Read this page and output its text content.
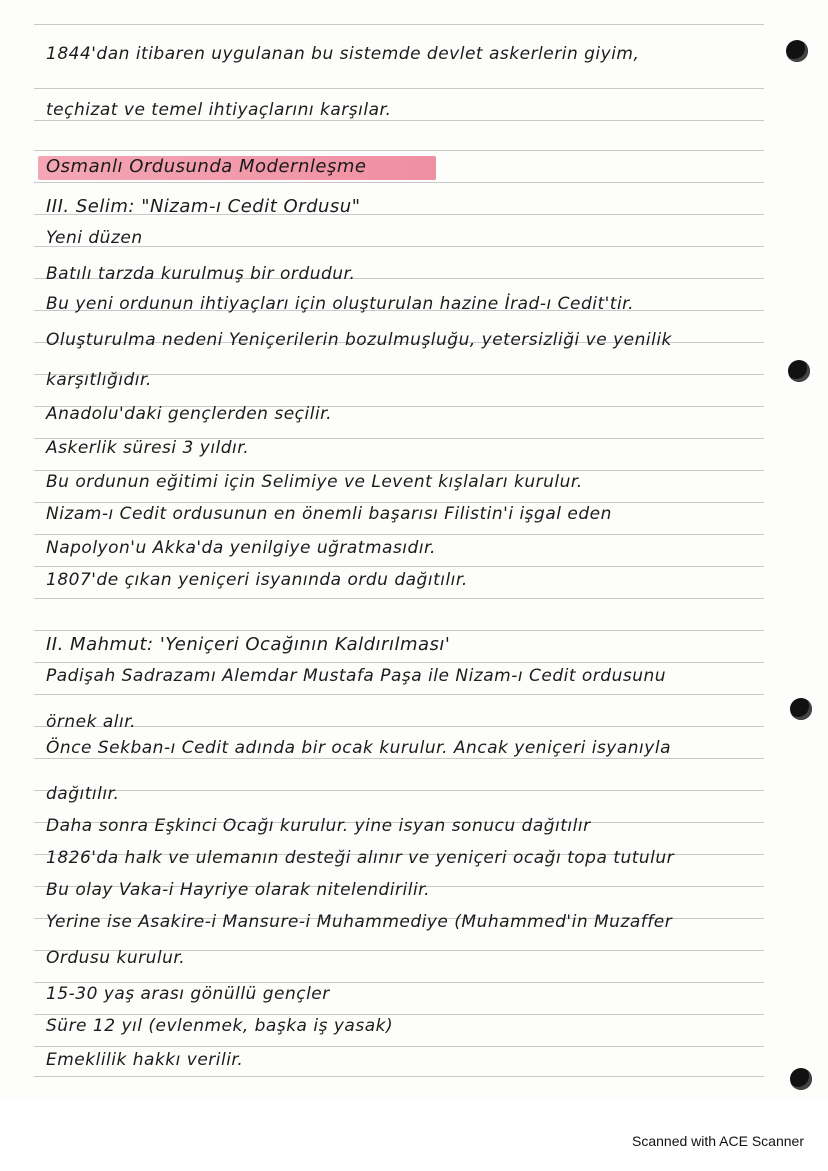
1844'dan itibaren uygulanan bu sistemde devlet askerlerin giyim,
teçhizat ve temel ihtiyaçlarını karşılar.
Osmanlı Ordusunda Modernleşme
III. Selim: "Nizam-ı Cedit Ordusu"
Yeni düzen
Batılı tarzda kurulmuş bir ordudur.
Bu yeni ordunun ihtiyaçları için oluşturulan hazine İrad-ı Cedit'tir.
Oluşturulma nedeni Yeniçerilerin bozulmuşluğu, yetersizliği ve yenilik
karşıtlığıdır.
Anadolu'daki gençlerden seçilir.
Askerlik süresi 3 yıldır.
Bu ordunun eğitimi için Selimiye ve Levent kışlaları kurulur.
Nizam-ı Cedit ordusunun en önemli başarısı Filistin'i işgal eden
Napolyon'u Akka'da yenilgiye uğratmasıdır.
1807'de çıkan yeniçeri isyanında ordu dağıtılır.
II. Mahmut: 'Yeniçeri Ocağının Kaldırılması'
Padişah Sadrazamı Alemdar Mustafa Paşa ile Nizam-ı Cedit ordusunu
örnek alır.
Önce Sekban-ı Cedit adında bir ocak kurulur. Ancak yeniçeri isyanıyla
dağıtılır.
Daha sonra Eşkinci Ocağı kurulur. yine isyan sonucu dağıtılır
1826'da halk ve ulemanın desteği alınır ve yeniçeri ocağı topa tutulur
Bu olay Vaka-i Hayriye olarak nitelendirilir.
Yerine ise Asakire-i Mansure-i Muhammediye (Muhammed'in Muzaffer
Ordusu kurulur.
15-30 yaş arası gönüllü gençler
Süre 12 yıl (evlenmek, başka iş yasak)
Emeklilik hakkı verilir.
Scanned with ACE Scanner
